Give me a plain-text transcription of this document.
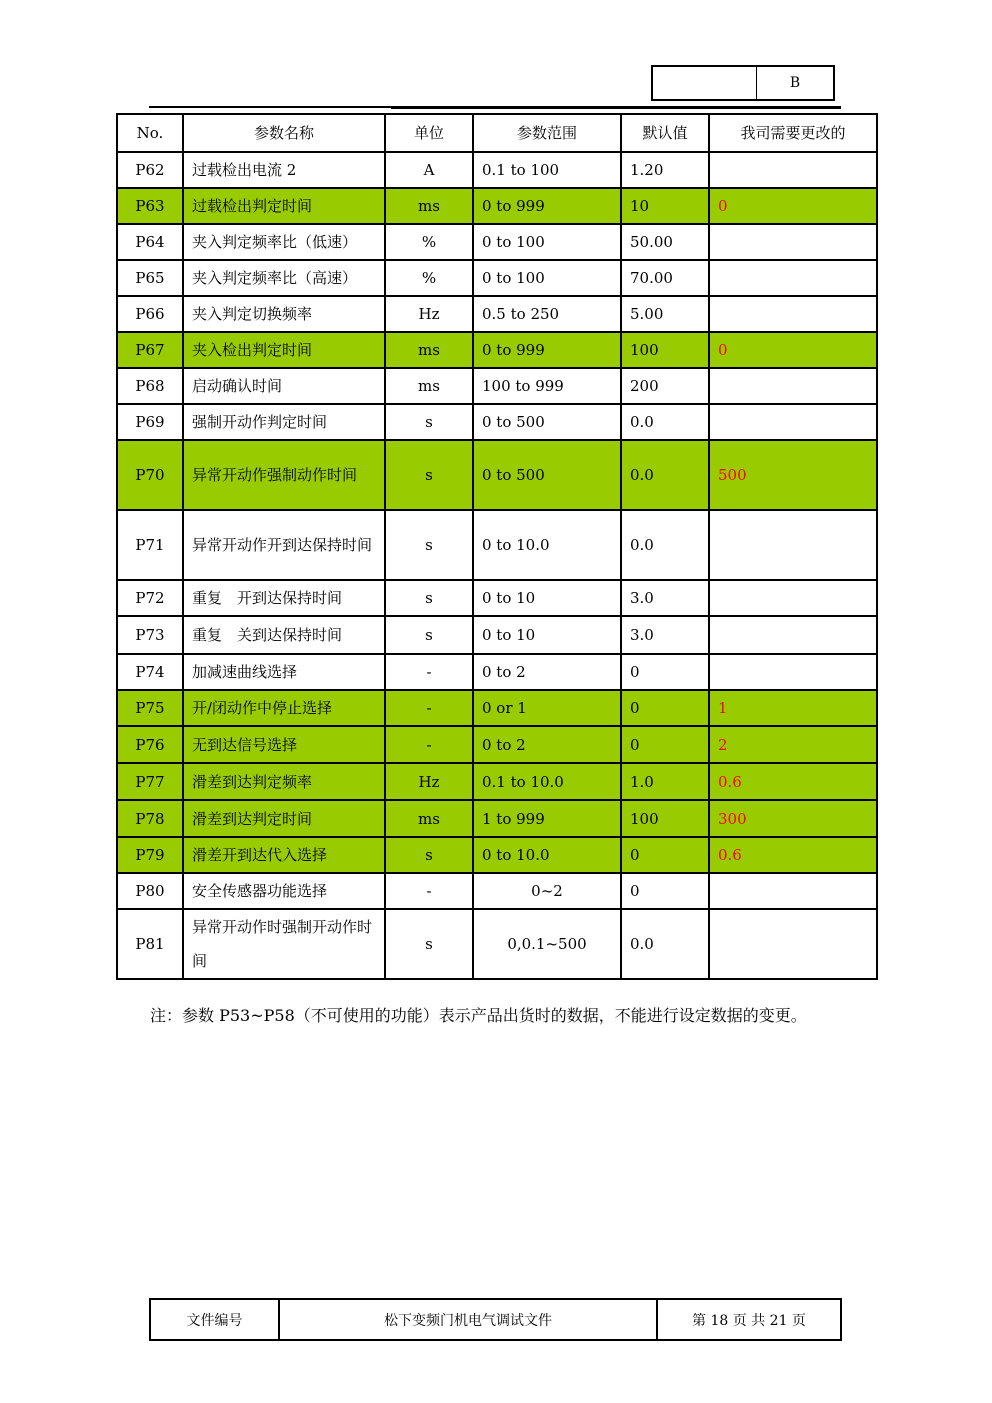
B
No.	参数名称	单位	参数范围	默认值	我司需要更改的
P62	过载检出电流 2	A	0.1 to 100	1.20	
P63	过载检出判定时间	ms	0 to 999	10	0
P64	夹入判定频率比（低速）	%	0 to 100	50.00	
P65	夹入判定频率比（高速）	%	0 to 100	70.00	
P66	夹入判定切换频率	Hz	0.5 to 250	5.00	
P67	夹入检出判定时间	ms	0 to 999	100	0
P68	启动确认时间	ms	100 to 999	200	
P69	强制开动作判定时间	s	0 to 500	0.0	
P70	异常开动作强制动作时间	s	0 to 500	0.0	500
P71	异常开动作开到达保持时间	s	0 to 10.0	0.0	
P72	重复　开到达保持时间	s	0 to 10	3.0	
P73	重复　关到达保持时间	s	0 to 10	3.0	
P74	加减速曲线选择	-	0 to 2	0	
P75	开/闭动作中停止选择	-	0 or 1	0	1
P76	无到达信号选择	-	0 to 2	0	2
P77	滑差到达判定频率	Hz	0.1 to 10.0	1.0	0.6
P78	滑差到达判定时间	ms	1 to 999	100	300
P79	滑差开到达代入选择	s	0 to 10.0	0	0.6
P80	安全传感器功能选择	-	0~2	0	
P81	异常开动作时强制开动作时间	s	0,0.1~500	0.0	
注：参数 P53~P58（不可使用的功能）表示产品出货时的数据，不能进行设定数据的变更。
文件编号	松下变频门机电气调试文件	第 18 页 共 21 页
